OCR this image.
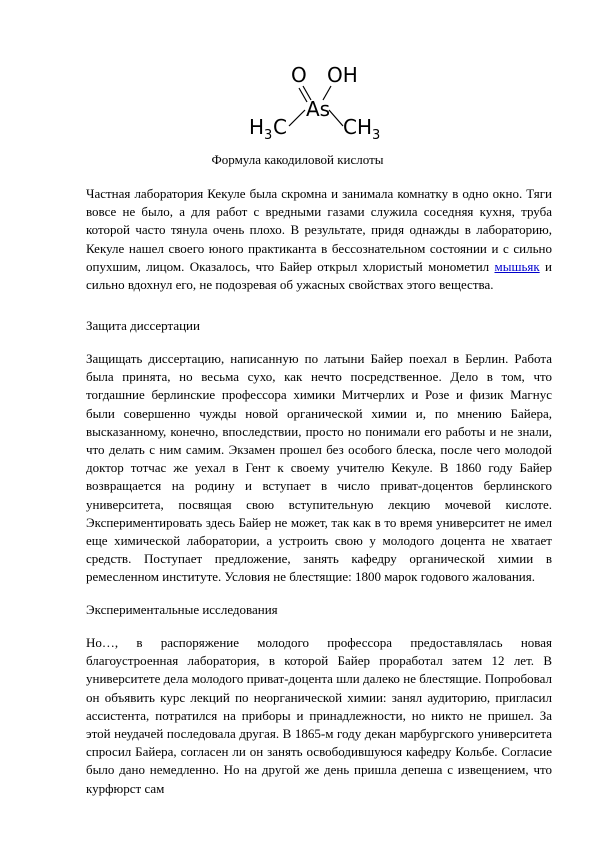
O OH
As
H 3 C	CH 3
Формула какодиловой кислоты

Частная лаборатория Кекуле была скромна и занимала комнатку в одно окно. Тяги вовсе не было, а для работ с вредными газами служила соседняя кухня, труба которой часто тянула очень плохо. В результате, придя однажды в лабораторию, Кекуле нашел своего юного практиканта в бессознательном состоянии и с сильно опухшим, лицом. Оказалось, что Байер открыл хлористый монометил мышьяк и сильно вдохнул его, не подозревая об ужасных свойствах этого вещества.

Защита диссертации

Защищать диссертацию, написанную по латыни Байер поехал в Берлин. Работа была принята, но весьма сухо, как нечто посредственное. Дело в том, что тогдашние берлинские профессора химики Митчерлих и Розе и физик Магнус были совершенно чужды новой органической химии и, по мнению Байера, высказанному, конечно, впоследствии, просто но понимали его работы и не знали, что делать с ним самим. Экзамен прошел без особого блеска, после чего молодой доктор тотчас же уехал в Гент к своему учителю Кекуле. В 1860 году Байер возвращается на родину и вступает в число приват-доцентов берлинского университета, посвящая свою вступительную лекцию мочевой кислоте. Экспериментировать здесь Байер не может, так как в то время университет не имел еще химической лаборатории, а устроить свою у молодого доцента не хватает средств. Поступает предложение, занять кафедру органической химии в ремесленном институте. Условия не блестящие: 1800 марок годового жалования.

Экспериментальные исследования

Но…, в распоряжение молодого профессора предоставлялась новая благоустроенная лаборатория, в которой Байер проработал затем 12 лет. В университете дела молодого приват-доцента шли далеко не блестящие. Попробовал он объявить курс лекций по неорганической химии: занял аудиторию, пригласил ассистента, потратился на приборы и принадлежности, но никто не пришел. За этой неудачей последовала другая. В 1865-м году декан марбургского университета спросил Байера, согласен ли он занять освободившуюся кафедру Кольбе. Согласие было дано немедленно. Но на другой же день пришла депеша с извещением, что курфюрст сам
